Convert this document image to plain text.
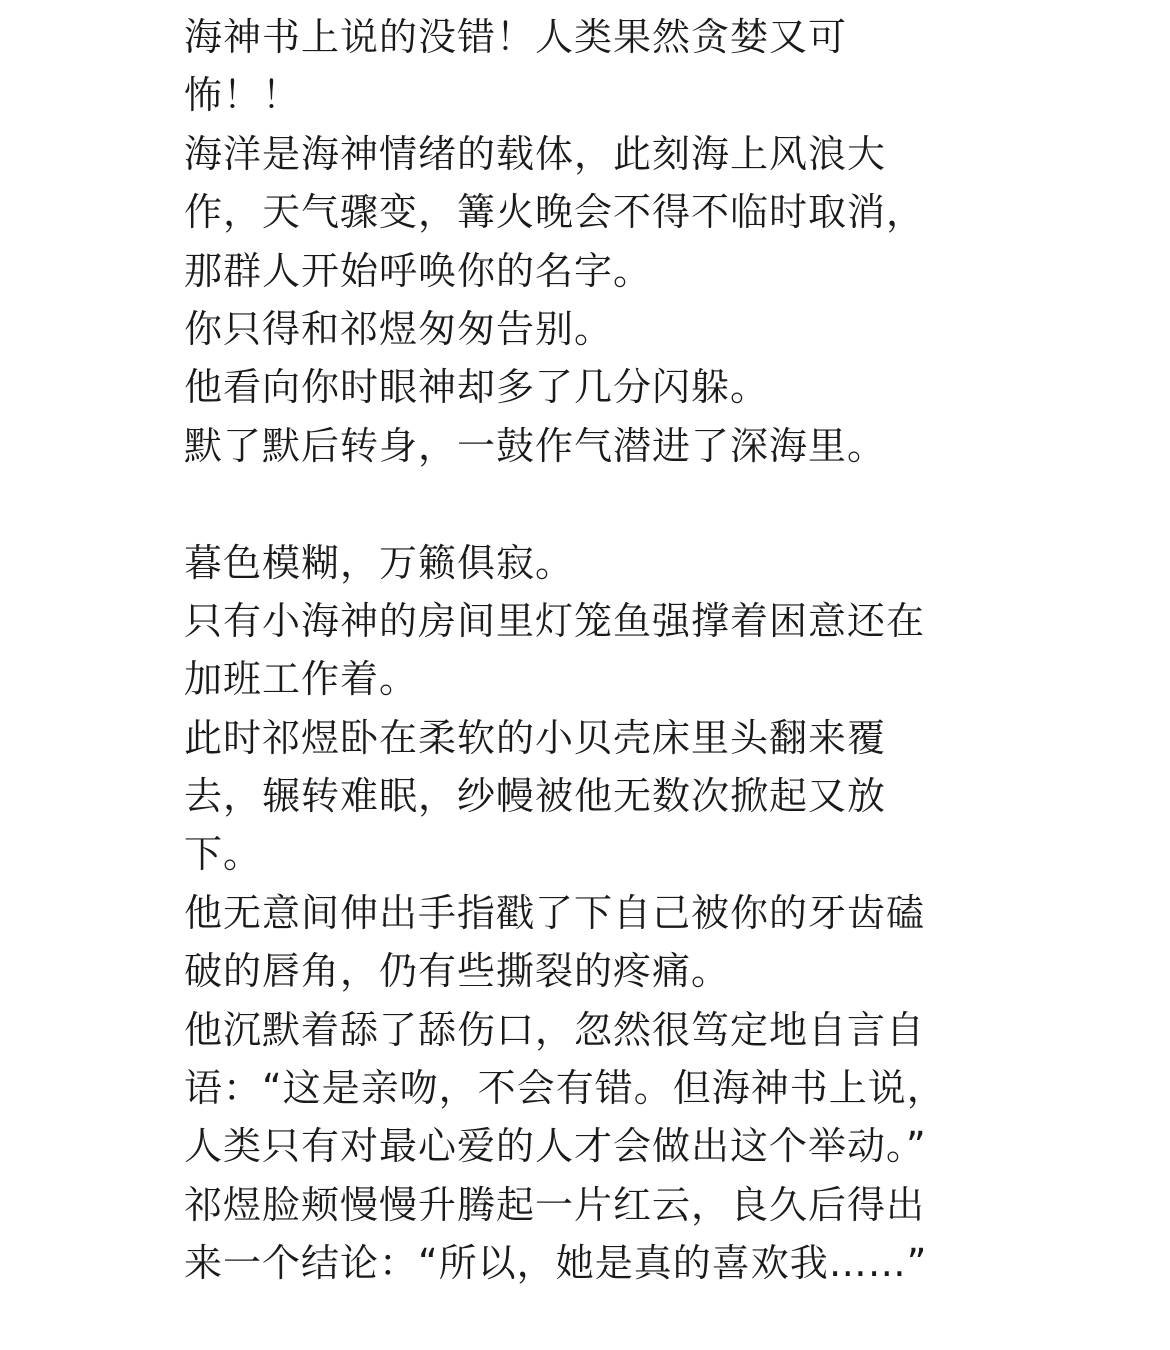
海神书上说的没错！人类果然贪婪又可
怖！！
海洋是海神情绪的载体，此刻海上风浪大
作，天气骤变，篝火晚会不得不临时取消，
那群人开始呼唤你的名字。
你只得和祁煜匆匆告别。
他看向你时眼神却多了几分闪躲。
默了默后转身，一鼓作气潜进了深海里。
暮色模糊，万籁俱寂。
只有小海神的房间里灯笼鱼强撑着困意还在
加班工作着。
此时祁煜卧在柔软的小贝壳床里头翻来覆
去，辗转难眠，纱幔被他无数次掀起又放
下。
他无意间伸出手指戳了下自己被你的牙齿磕
破的唇角，仍有些撕裂的疼痛。
他沉默着舔了舔伤口，忽然很笃定地自言自
语：“这是亲吻，不会有错。但海神书上说，
人类只有对最心爱的人才会做出这个举动。”
祁煜脸颊慢慢升腾起一片红云，良久后得出
来一个结论：“所以，她是真的喜欢我……”
